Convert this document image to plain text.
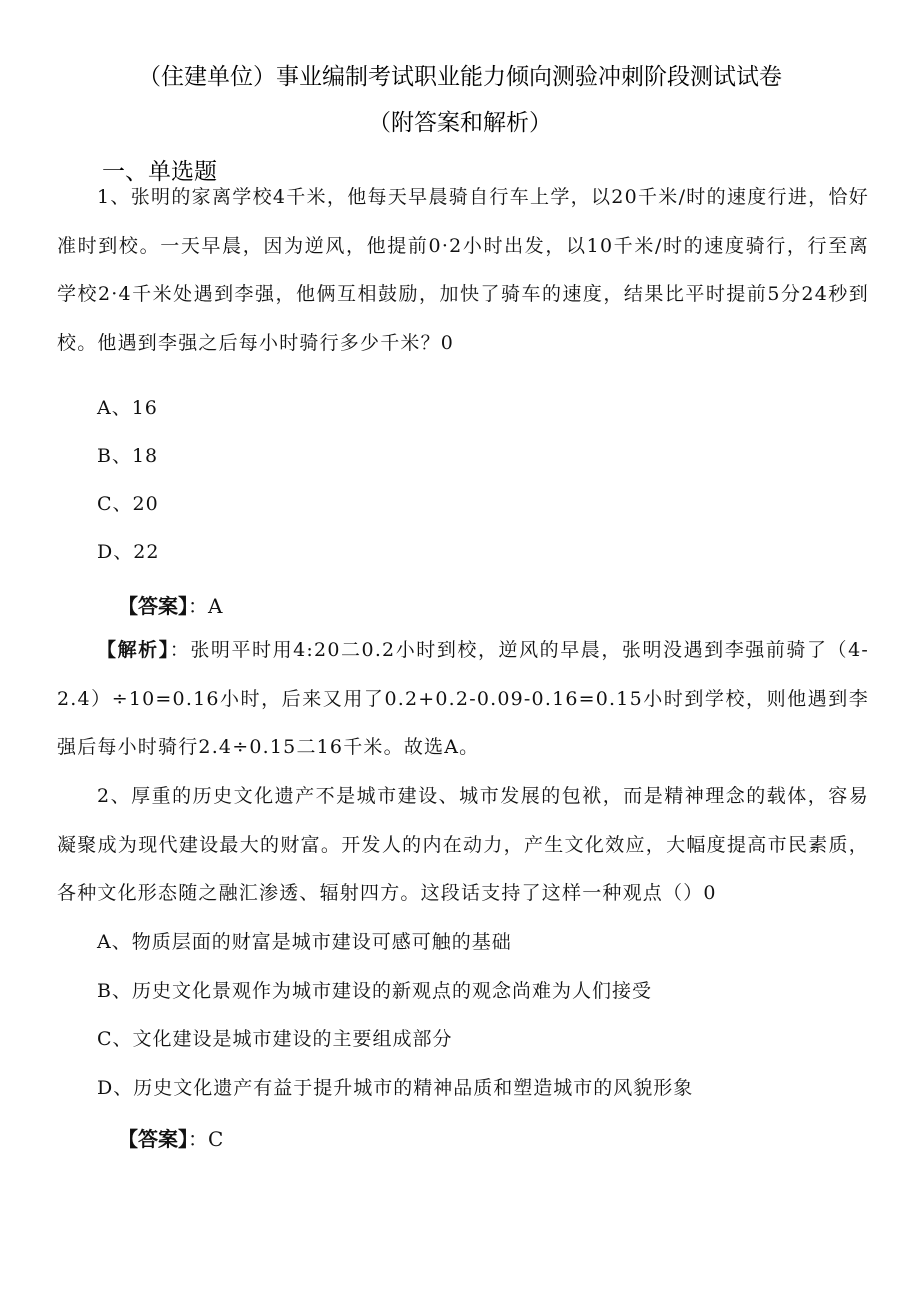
（住建单位）事业编制考试职业能力倾向测验冲刺阶段测试试卷
（附答案和解析）
一、单选题
1、张明的家离学校4千米，他每天早晨骑自行车上学，以20千米/时的速度行进，恰好准时到校。一天早晨，因为逆风，他提前0·2小时出发，以10千米/时的速度骑行，行至离学校2·4千米处遇到李强，他俩互相鼓励，加快了骑车的速度，结果比平时提前5分24秒到校。他遇到李强之后每小时骑行多少千米？0
A、16
B、18
C、20
D、22
【答案】：A
【解析】：张明平时用4:20二0.2小时到校，逆风的早晨，张明没遇到李强前骑了（4-2.4）÷10=0.16小时，后来又用了0.2+0.2-0.09-0.16=0.15小时到学校，则他遇到李强后每小时骑行2.4÷0.15二16千米。故选A。
2、厚重的历史文化遗产不是城市建设、城市发展的包袱，而是精神理念的载体，容易凝聚成为现代建设最大的财富。开发人的内在动力，产生文化效应，大幅度提高市民素质，各种文化形态随之融汇渗透、辐射四方。这段话支持了这样一种观点（）0
A、物质层面的财富是城市建设可感可触的基础
B、历史文化景观作为城市建设的新观点的观念尚难为人们接受
C、文化建设是城市建设的主要组成部分
D、历史文化遗产有益于提升城市的精神品质和塑造城市的风貌形象
【答案】：C
